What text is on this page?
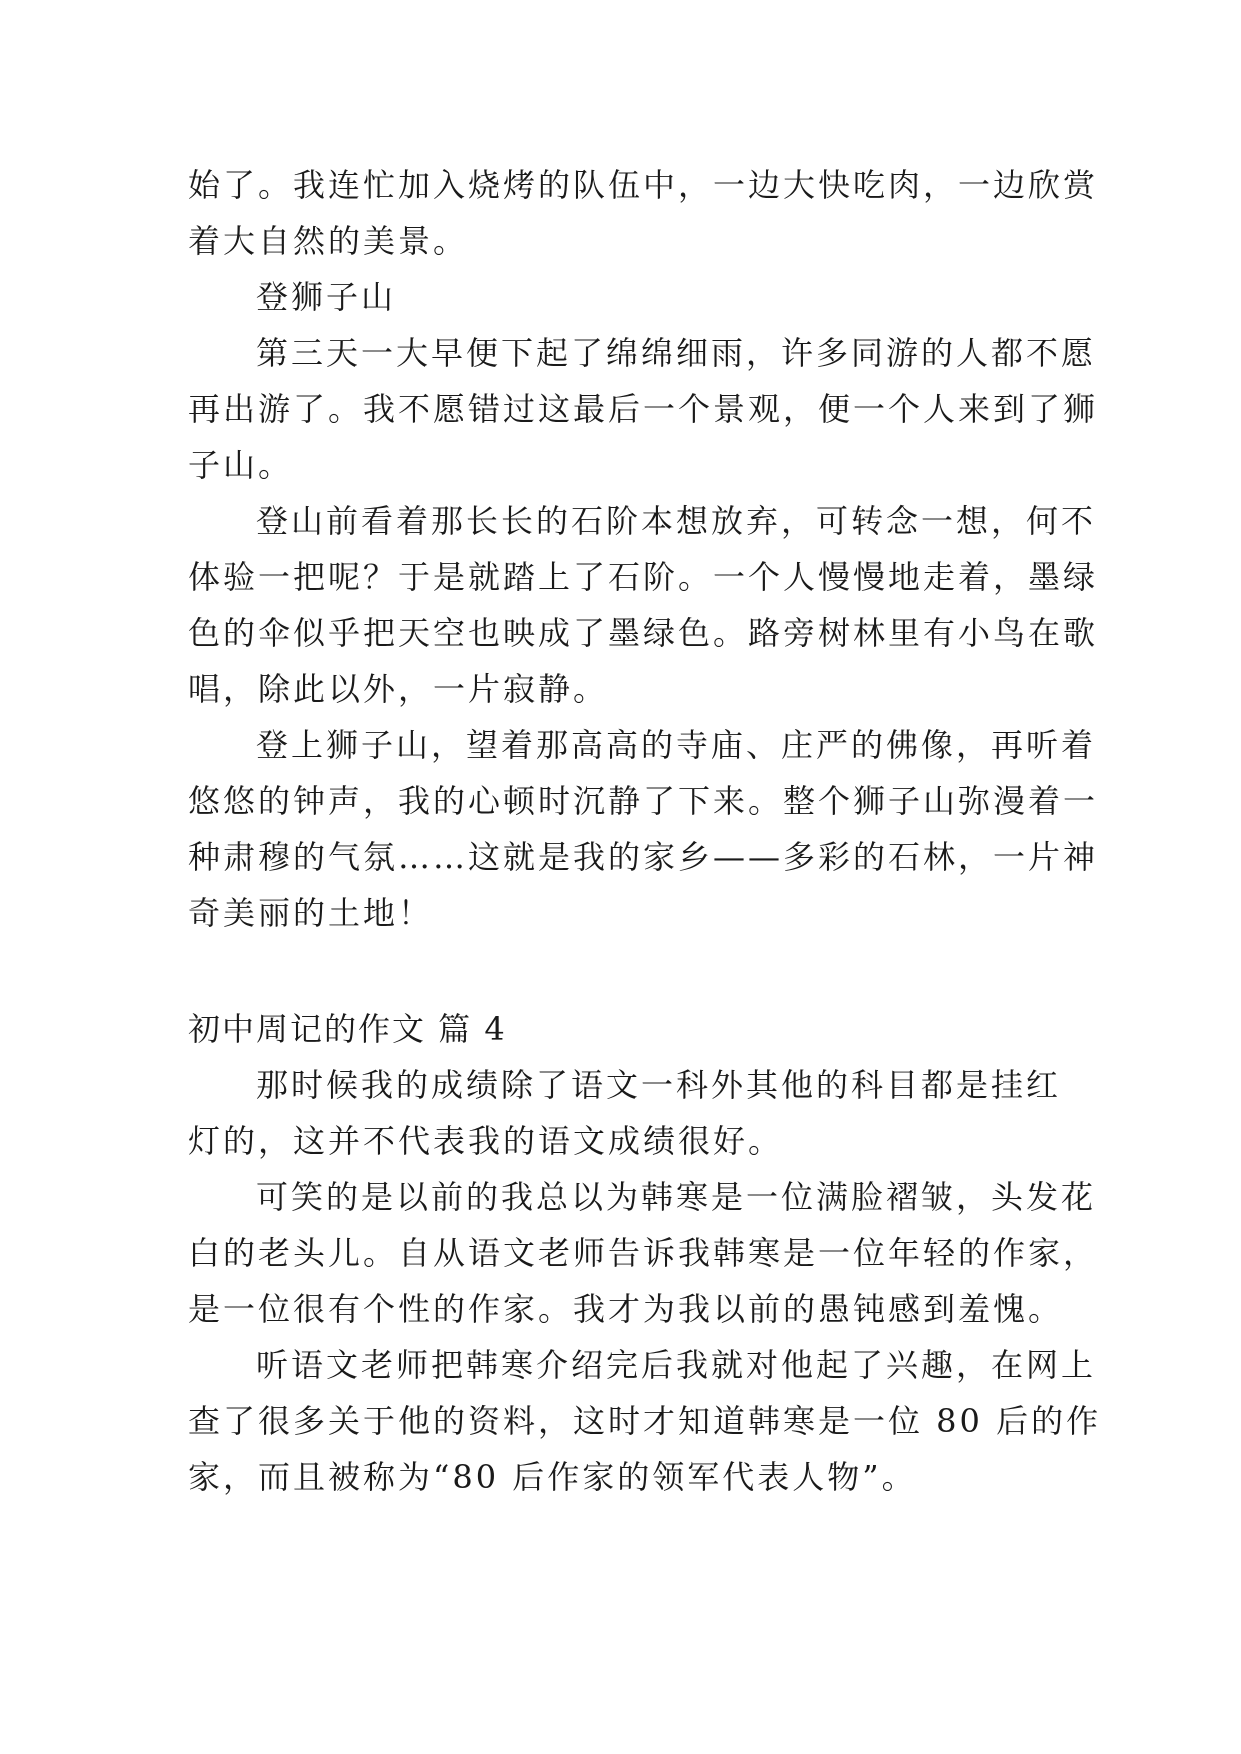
始了。我连忙加入烧烤的队伍中，一边大快吃肉，一边欣赏
着大自然的美景。
登狮子山
第三天一大早便下起了绵绵细雨，许多同游的人都不愿
再出游了。我不愿错过这最后一个景观，便一个人来到了狮
子山。
登山前看着那长长的石阶本想放弃，可转念一想，何不
体验一把呢？于是就踏上了石阶。一个人慢慢地走着，墨绿
色的伞似乎把天空也映成了墨绿色。路旁树林里有小鸟在歌
唱，除此以外，一片寂静。
登上狮子山，望着那高高的寺庙、庄严的佛像，再听着
悠悠的钟声，我的心顿时沉静了下来。整个狮子山弥漫着一
种肃穆的气氛……这就是我的家乡——多彩的石林，一片神
奇美丽的土地！
初中周记的作文 篇 4
那时候我的成绩除了语文一科外其他的科目都是挂红
灯的，这并不代表我的语文成绩很好。
可笑的是以前的我总以为韩寒是一位满脸褶皱，头发花
白的老头儿。自从语文老师告诉我韩寒是一位年轻的作家，
是一位很有个性的作家。我才为我以前的愚钝感到羞愧。
听语文老师把韩寒介绍完后我就对他起了兴趣，在网上
查了很多关于他的资料，这时才知道韩寒是一位 80 后的作
家，而且被称为“80 后作家的领军代表人物”。
